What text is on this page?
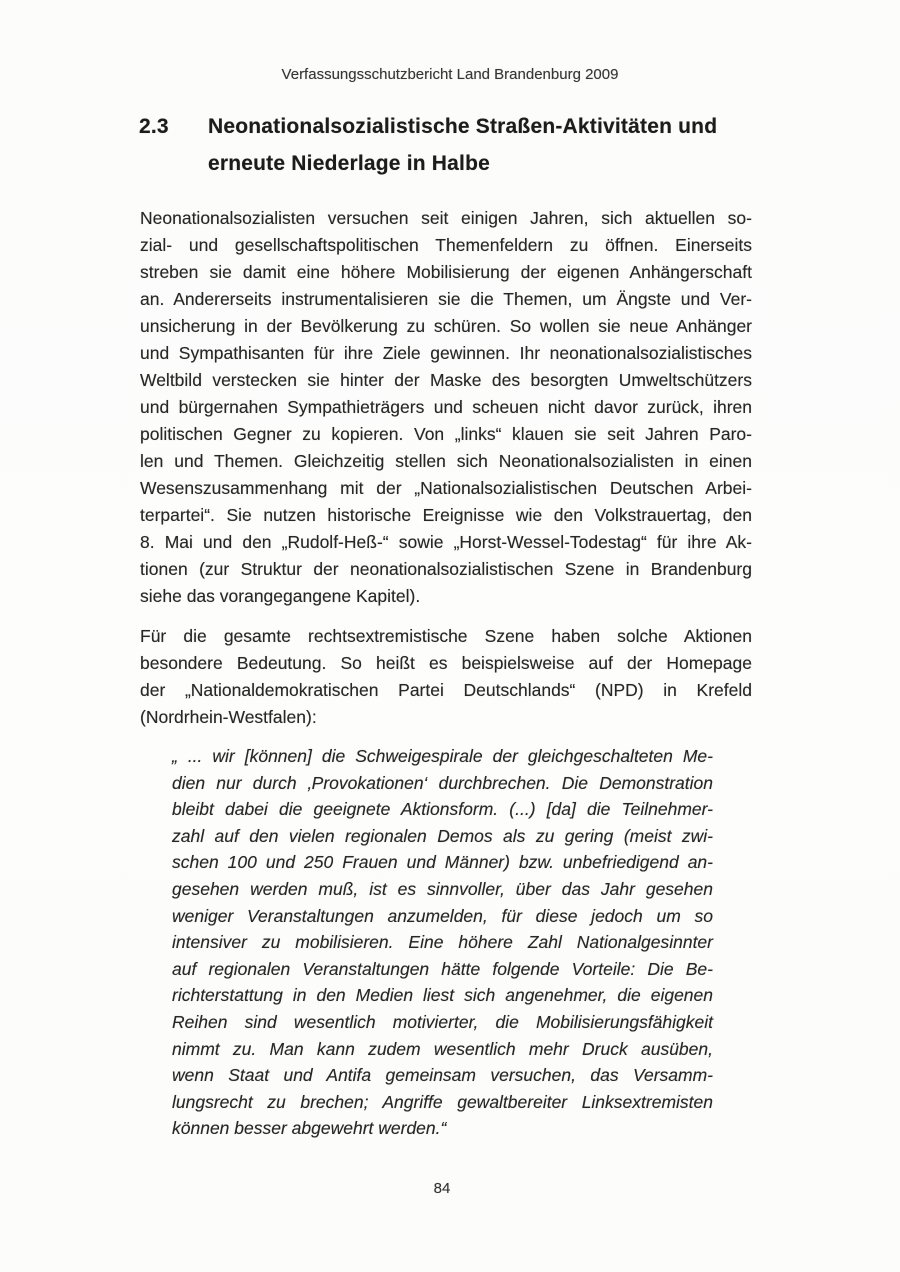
Verfassungsschutzbericht Land Brandenburg 2009
2.3	Neonationalsozialistische Straßen-Aktivitäten und
erneute Niederlage in Halbe
Neonationalsozialisten versuchen seit einigen Jahren, sich aktuellen so-
zial- und gesellschaftspolitischen Themenfeldern zu öffnen. Einerseits
streben sie damit eine höhere Mobilisierung der eigenen Anhängerschaft
an. Andererseits instrumentalisieren sie die Themen, um Ängste und Ver-
unsicherung in der Bevölkerung zu schüren. So wollen sie neue Anhänger
und Sympathisanten für ihre Ziele gewinnen. Ihr neonationalsozialistisches
Weltbild verstecken sie hinter der Maske des besorgten Umweltschützers
und bürgernahen Sympathieträgers und scheuen nicht davor zurück, ihren
politischen Gegner zu kopieren. Von „links“ klauen sie seit Jahren Paro-
len und Themen. Gleichzeitig stellen sich Neonationalsozialisten in einen
Wesenszusammenhang mit der „Nationalsozialistischen Deutschen Arbei-
terpartei“. Sie nutzen historische Ereignisse wie den Volkstrauertag, den
8. Mai und den „Rudolf-Heß-“ sowie „Horst-Wessel-Todestag“ für ihre Ak-
tionen (zur Struktur der neonationalsozialistischen Szene in Brandenburg
siehe das vorangegangene Kapitel).
Für die gesamte rechtsextremistische Szene haben solche Aktionen
besondere Bedeutung. So heißt es beispielsweise auf der Homepage
der „Nationaldemokratischen Partei Deutschlands“ (NPD) in Krefeld
(Nordrhein-Westfalen):
„ ... wir [können] die Schweigespirale der gleichgeschalteten Me-
dien nur durch ‚Provokationen‘ durchbrechen. Die Demonstration
bleibt dabei die geeignete Aktionsform. (...) [da] die Teilnehmer-
zahl auf den vielen regionalen Demos als zu gering (meist zwi-
schen 100 und 250 Frauen und Männer) bzw. unbefriedigend an-
gesehen werden muß, ist es sinnvoller, über das Jahr gesehen
weniger Veranstaltungen anzumelden, für diese jedoch um so
intensiver zu mobilisieren. Eine höhere Zahl Nationalgesinnter
auf regionalen Veranstaltungen hätte folgende Vorteile: Die Be-
richterstattung in den Medien liest sich angenehmer, die eigenen
Reihen sind wesentlich motivierter, die Mobilisierungsfähigkeit
nimmt zu. Man kann zudem wesentlich mehr Druck ausüben,
wenn Staat und Antifa gemeinsam versuchen, das Versamm-
lungsrecht zu brechen; Angriffe gewaltbereiter Linksextremisten
können besser abgewehrt werden.“
84
